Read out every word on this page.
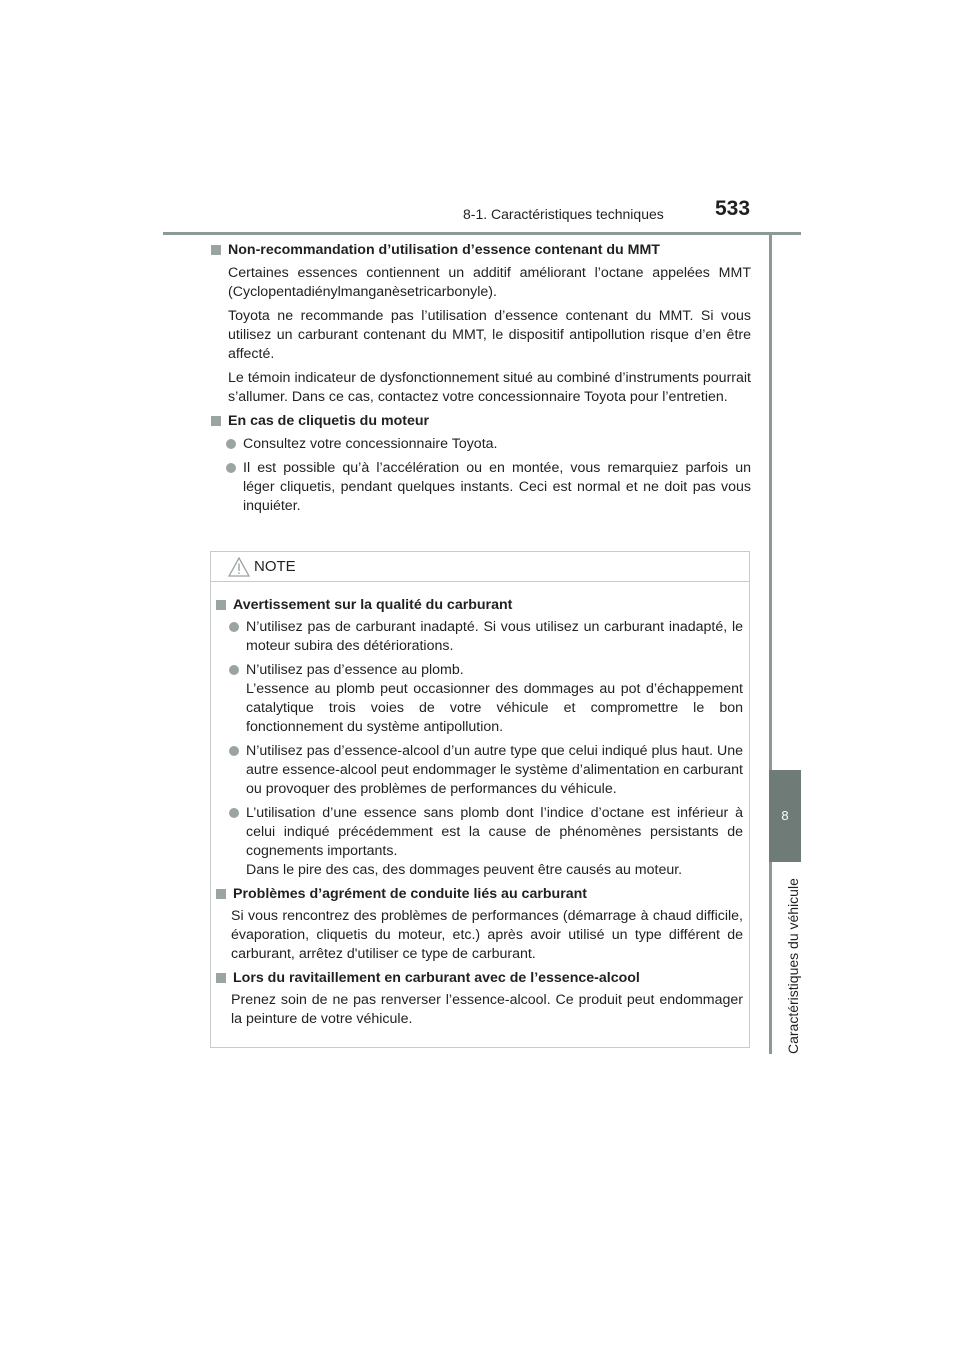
8-1. Caractéristiques techniques 533
8
Caractéristiques du véhicule
Non-recommandation d’utilisation d’essence contenant du MMT
Certaines essences contiennent un additif améliorant l’octane appelées MMT (Cyclopentadiénylmanganèsetricarbonyle).
Toyota ne recommande pas l’utilisation d’essence contenant du MMT. Si vous utilisez un carburant contenant du MMT, le dispositif antipollution risque d’en être affecté.
Le témoin indicateur de dysfonctionnement situé au combiné d’instruments pourrait s’allumer. Dans ce cas, contactez votre concessionnaire Toyota pour l’entretien.
En cas de cliquetis du moteur
Consultez votre concessionnaire Toyota.
Il est possible qu’à l’accélération ou en montée, vous remarquiez parfois un léger cliquetis, pendant quelques instants. Ceci est normal et ne doit pas vous inquiéter.
NOTE
Avertissement sur la qualité du carburant
N’utilisez pas de carburant inadapté. Si vous utilisez un carburant inadapté, le moteur subira des détériorations.
N’utilisez pas d’essence au plomb.
L’essence au plomb peut occasionner des dommages au pot d’échappement catalytique trois voies de votre véhicule et compromettre le bon fonctionnement du système antipollution.
N’utilisez pas d’essence-alcool d’un autre type que celui indiqué plus haut. Une autre essence-alcool peut endommager le système d’alimentation en carburant ou provoquer des problèmes de performances du véhicule.
L’utilisation d’une essence sans plomb dont l’indice d’octane est inférieur à celui indiqué précédemment est la cause de phénomènes persistants de cognements importants.
Dans le pire des cas, des dommages peuvent être causés au moteur.
Problèmes d’agrément de conduite liés au carburant
Si vous rencontrez des problèmes de performances (démarrage à chaud difficile, évaporation, cliquetis du moteur, etc.) après avoir utilisé un type différent de carburant, arrêtez d'utiliser ce type de carburant.
Lors du ravitaillement en carburant avec de l’essence-alcool
Prenez soin de ne pas renverser l’essence-alcool. Ce produit peut endommager la peinture de votre véhicule.
